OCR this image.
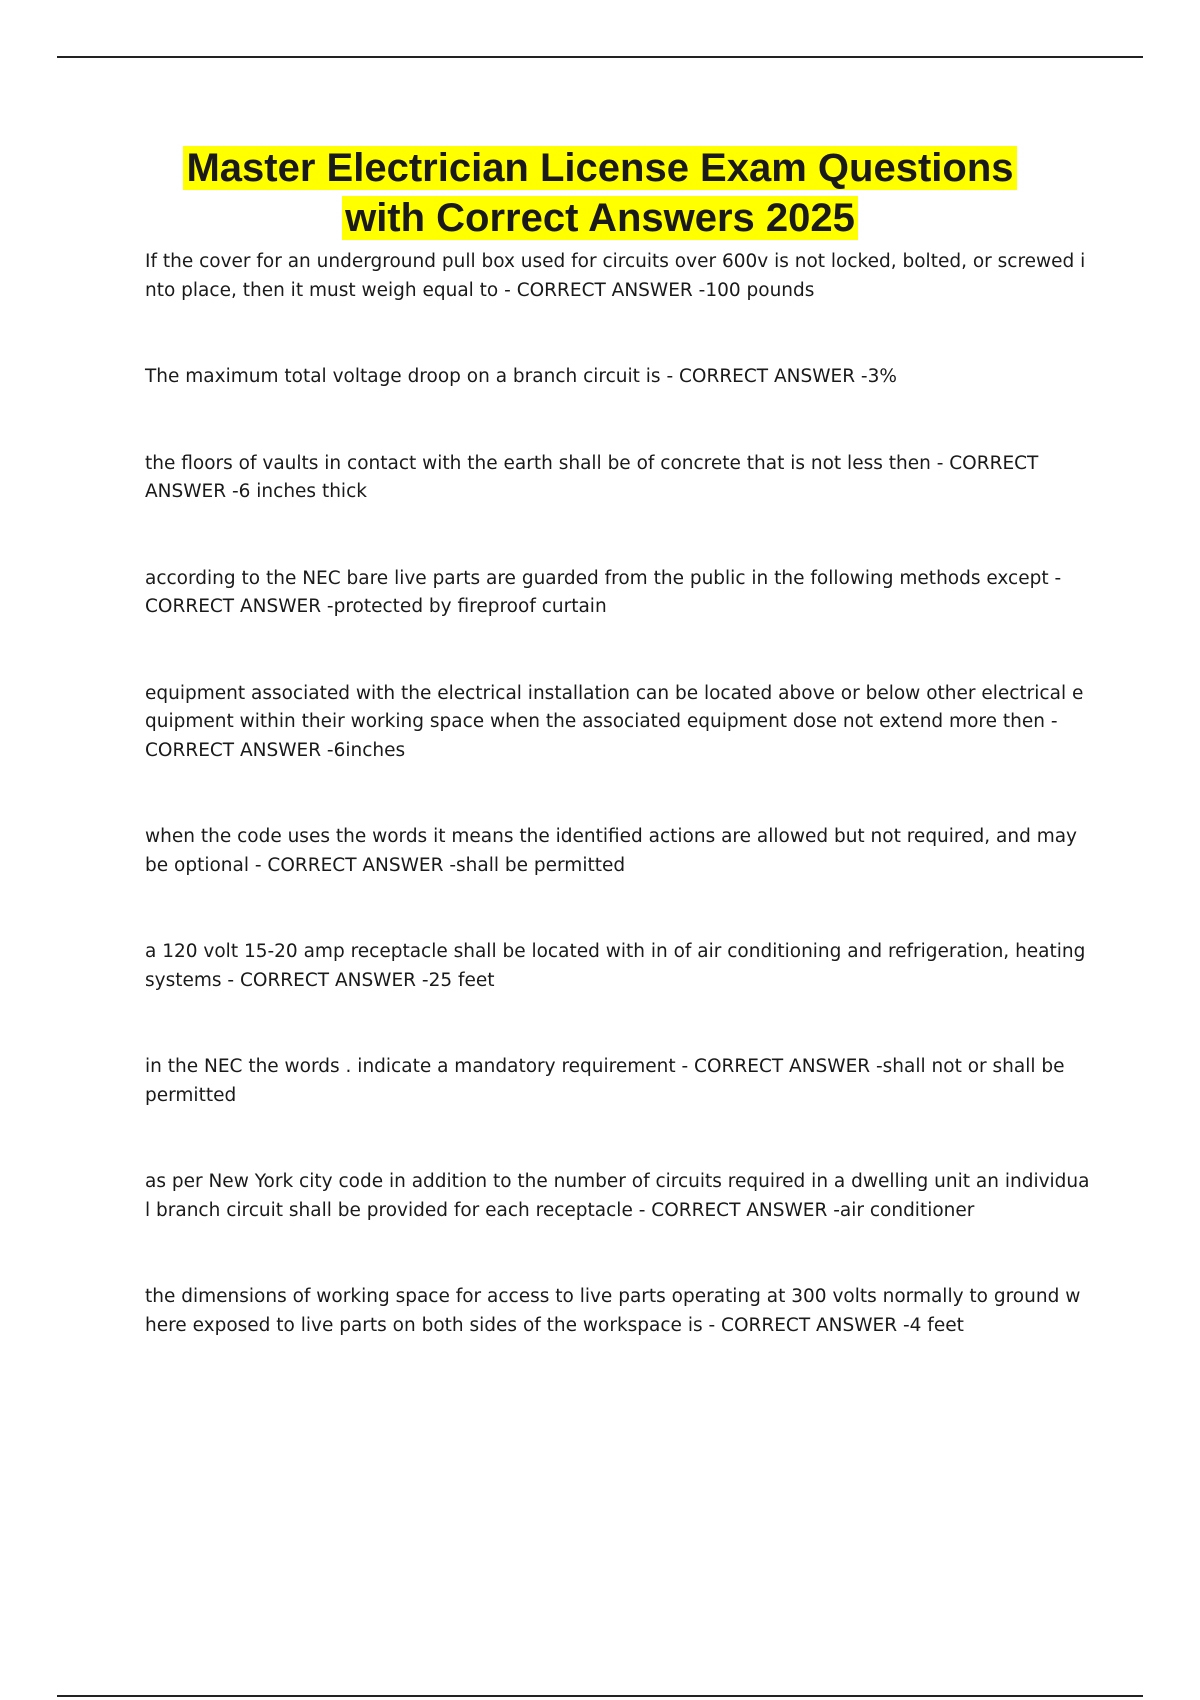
Master Electrician License Exam Questions
with Correct Answers 2025
If the cover for an underground pull box used for circuits over 600v is not locked, bolted, or screwed into place, then it must weigh equal to - CORRECT ANSWER -100 pounds
The maximum total voltage droop on a branch circuit is - CORRECT ANSWER -3%
the floors of vaults in contact with the earth shall be of concrete that is not less then - CORRECT ANSWER -6 inches thick
according to the NEC bare live parts are guarded from the public in the following methods except - CORRECT ANSWER -protected by fireproof curtain
equipment associated with the electrical installation can be located above or below other electrical equipment within their working space when the associated equipment dose not extend more then - CORRECT ANSWER -6inches
when the code uses the words it means the identified actions are allowed but not required, and may be optional - CORRECT ANSWER -shall be permitted
a 120 volt 15-20 amp receptacle shall be located with in of air conditioning and refrigeration, heating systems - CORRECT ANSWER -25 feet
in the NEC the words . indicate a mandatory requirement - CORRECT ANSWER -shall not or shall be permitted
as per New York city code in addition to the number of circuits required in a dwelling unit an individual branch circuit shall be provided for each receptacle - CORRECT ANSWER -air conditioner
the dimensions of working space for access to live parts operating at 300 volts normally to ground where exposed to live parts on both sides of the workspace is - CORRECT ANSWER -4 feet
